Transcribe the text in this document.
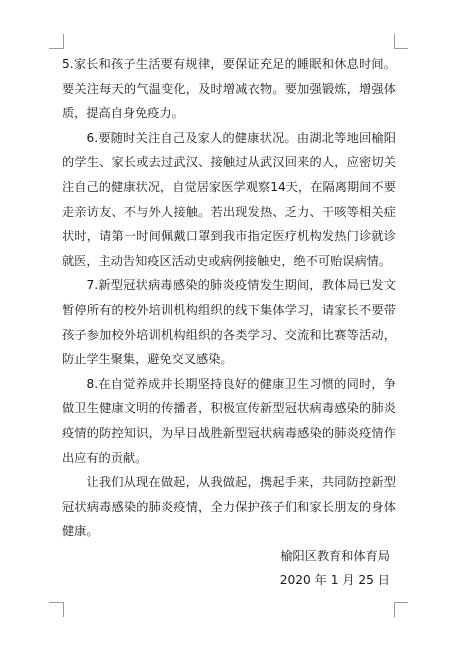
5.家长和孩子生活要有规律，要保证充足的睡眠和休息时间。要关注每天的气温变化，及时增减衣物。要加强锻炼，增强体质，提高自身免疫力。

6.要随时关注自己及家人的健康状况。由湖北等地回榆阳的学生、家长或去过武汉、接触过从武汉回来的人，应密切关注自己的健康状况，自觉居家医学观察14天，在隔离期间不要走亲访友、不与外人接触。若出现发热、乏力、干咳等相关症状时，请第一时间佩戴口罩到我市指定医疗机构发热门诊就诊就医，主动告知疫区活动史或病例接触史，绝不可贻误病情。

7.新型冠状病毒感染的肺炎疫情发生期间，教体局已发文暂停所有的校外培训机构组织的线下集体学习，请家长不要带孩子参加校外培训机构组织的各类学习、交流和比赛等活动，防止学生聚集，避免交叉感染。

8.在自觉养成并长期坚持良好的健康卫生习惯的同时，争做卫生健康文明的传播者，积极宣传新型冠状病毒感染的肺炎疫情的防控知识，为早日战胜新型冠状病毒感染的肺炎疫情作出应有的贡献。

让我们从现在做起，从我做起，携起手来，共同防控新型冠状病毒感染的肺炎疫情，全力保护孩子们和家长朋友的身体健康。

榆阳区教育和体育局

2020 年 1 月 25 日
